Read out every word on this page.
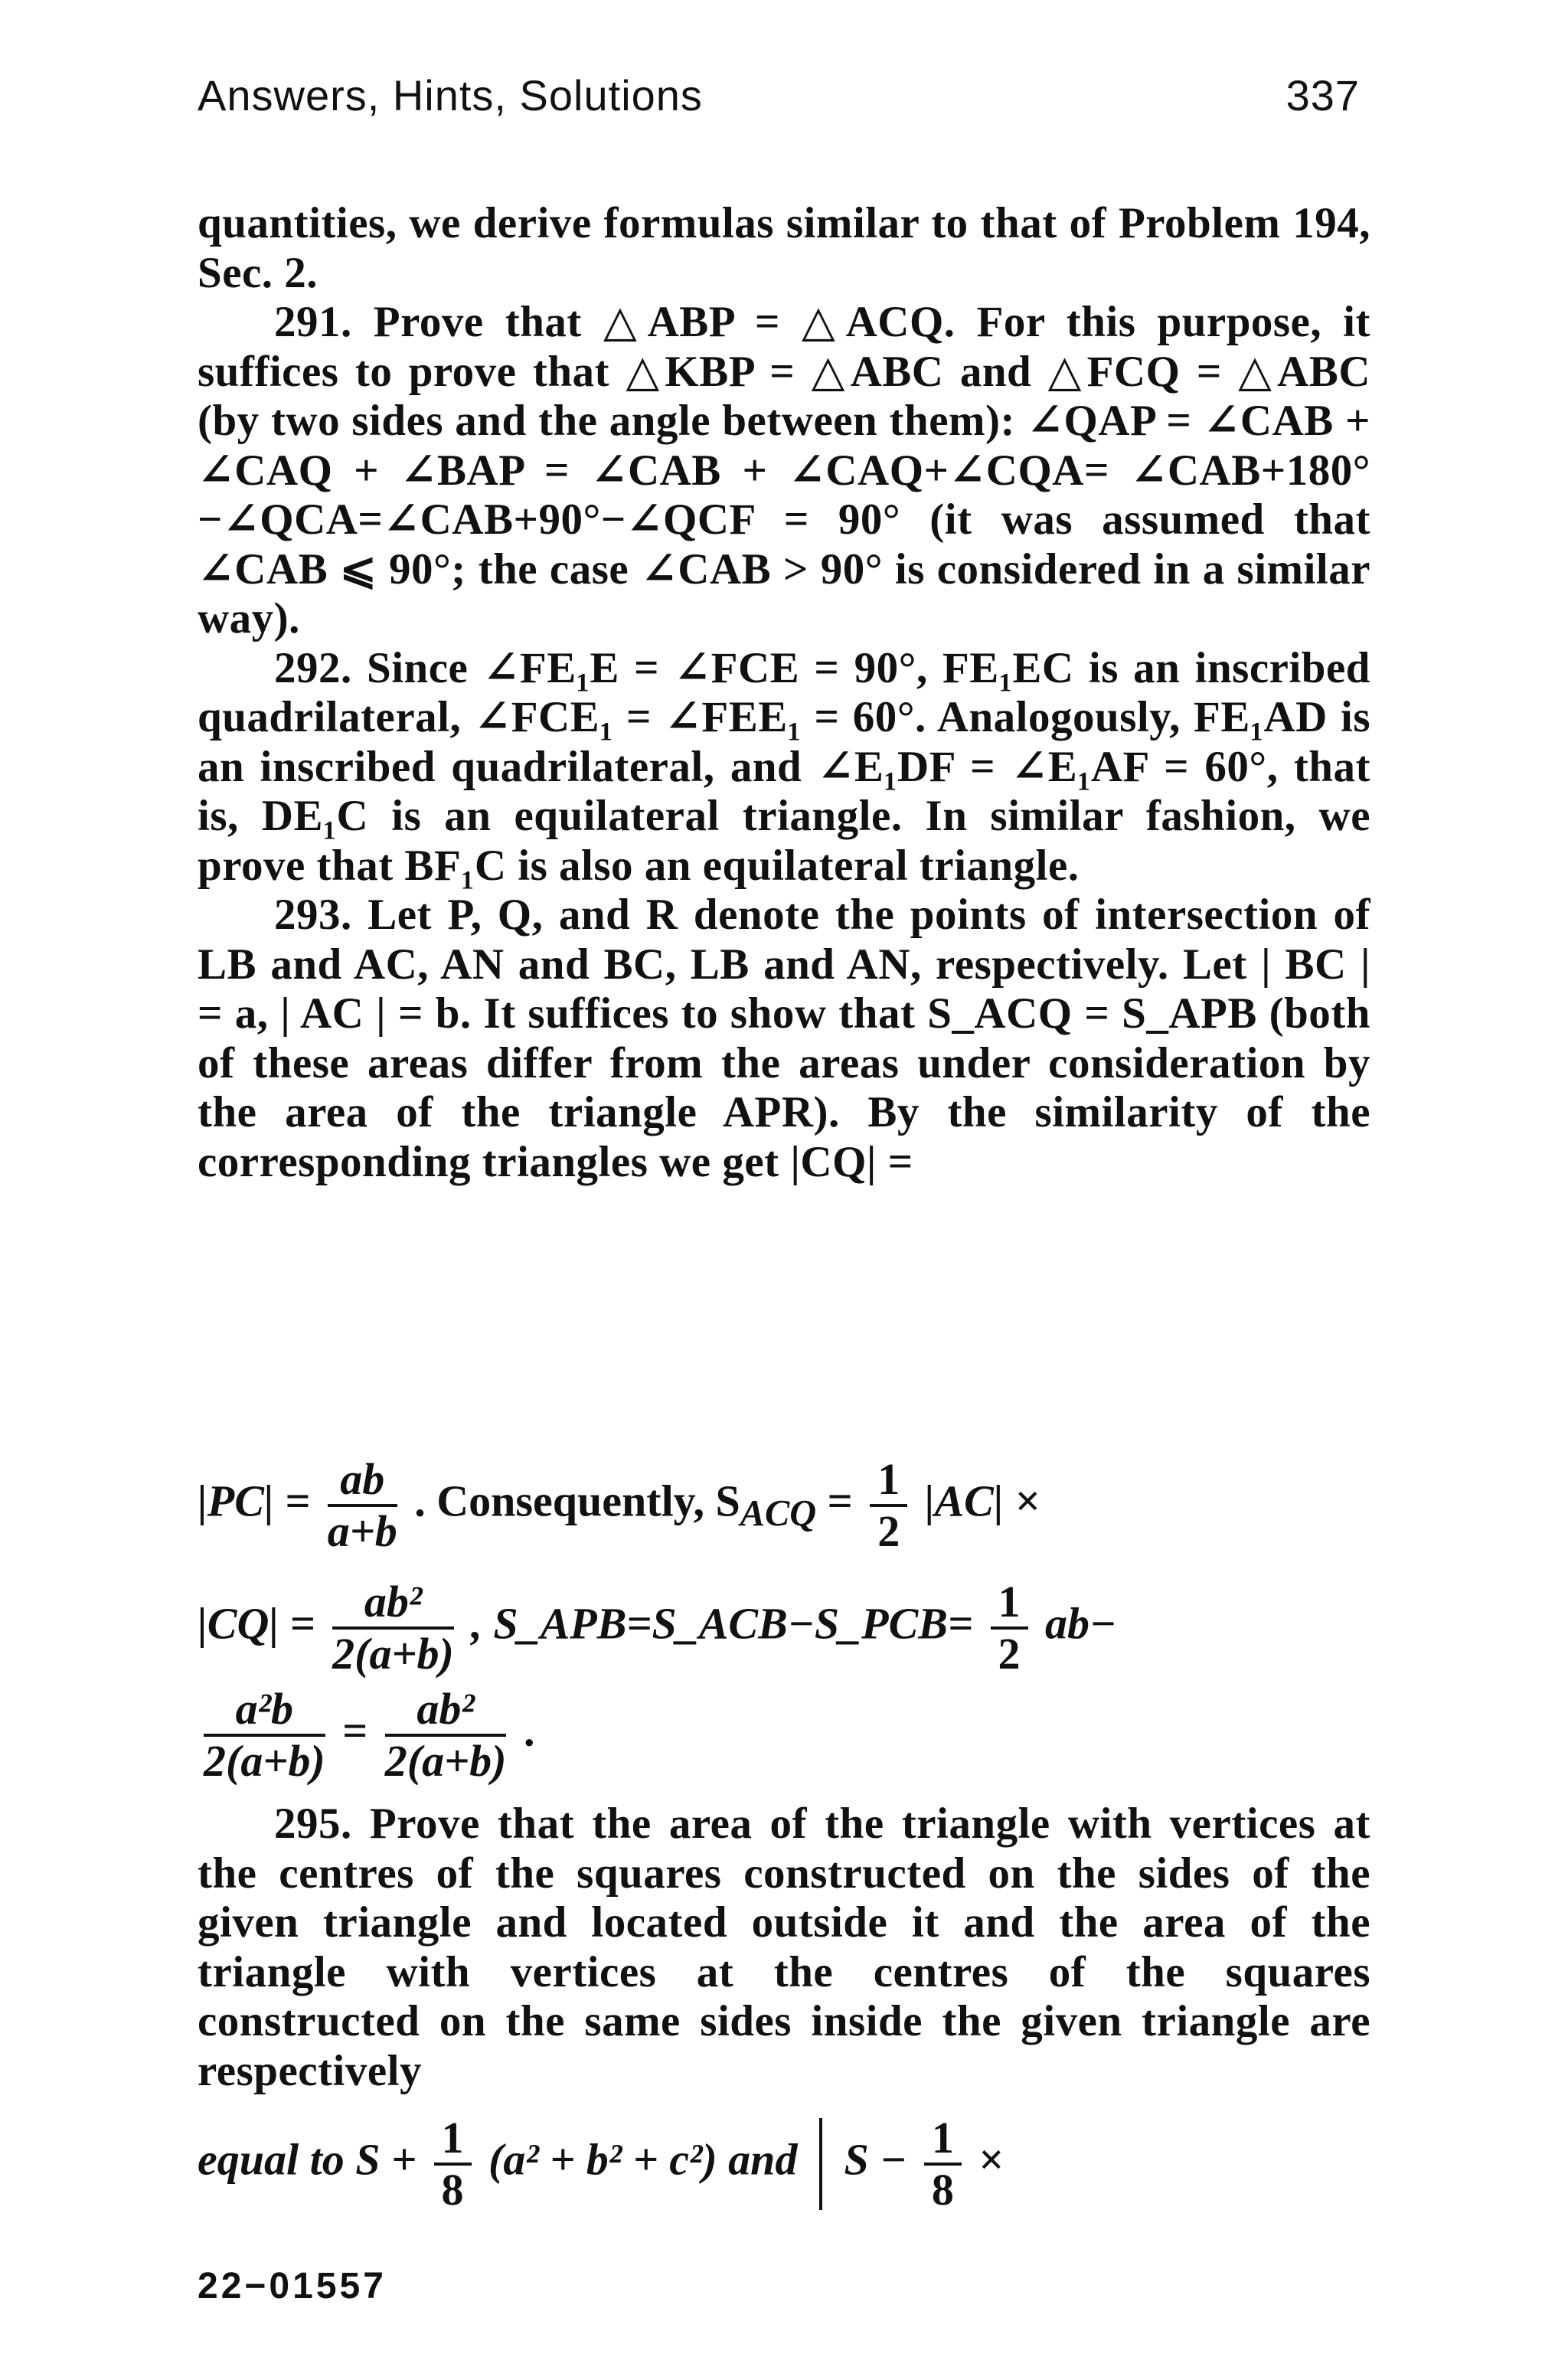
Answers, Hints, Solutions	337

quantities, we derive formulas similar to that of Problem 194, Sec. 2.

291. Prove that △ABP = △ACQ. For this purpose, it suffices to prove that △KBP = △ABC and △FCQ = △ABC (by two sides and the angle between them): ∠QAP = ∠CAB + ∠CAQ + ∠BAP = ∠CAB + ∠CAQ+∠CQA= ∠CAB+180°−∠QCA=∠CAB+90°−∠QCF = 90° (it was assumed that ∠CAB ⩽ 90°; the case ∠CAB > 90° is considered in a similar way).

292. Since ∠FE₁E = ∠FCE = 90°, FE₁EC is an inscribed quadrilateral, ∠FCE₁ = ∠FEE₁ = 60°. Analogously, FE₁AD is an inscribed quadrilateral, and ∠E₁DF = ∠E₁AF = 60°, that is, DE₁C is an equilateral triangle. In similar fashion, we prove that BF₁C is also an equilateral triangle.

293. Let P, Q, and R denote the points of intersection of LB and AC, AN and BC, LB and AN, respectively. Let | BC | = a, | AC | = b. It suffices to show that S_ACQ = S_APB (both of these areas differ from the areas under consideration by the area of the triangle APR). By the similarity of the corresponding triangles we get |CQ| =

$|PC| = \frac{ab}{a+b}$ . Consequently, $S_{ACQ} = \frac{1}{2} |AC|$ ×
$|CQ| = \frac{\text{ab²}}{2(a+b)}$ , S_APB=S_ACB−S_PCB= $\frac{1}{2} ab-$
$\frac{\text{a²b}}{2(a+b)} = \frac{\text{ab²}}{2(a+b)}$ .

295. Prove that the area of the triangle with vertices at the centres of the squares constructed on the sides of the given triangle and located outside it and the area of the triangle with vertices at the centres of the squares constructed on the same sides inside the given triangle are respectively

equal to $S + \frac{1}{8} (a^2 + b^2 + c^2)$ and $S - \frac{1}{8}$ ×
22−01557
